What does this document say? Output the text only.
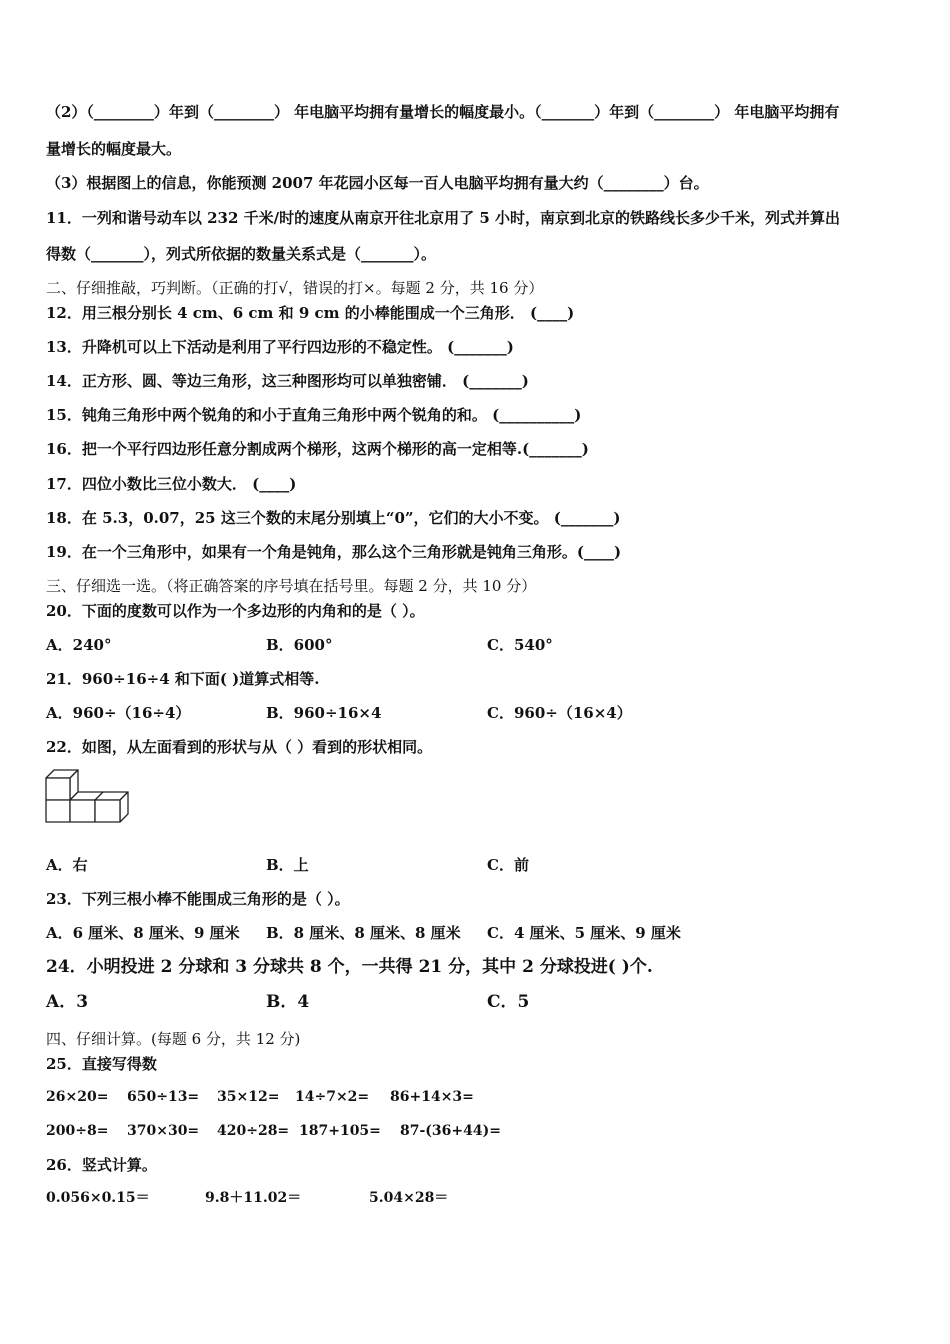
（2）（________）年到（________） 年电脑平均拥有量增长的幅度最小。（_______）年到（________） 年电脑平均拥有
量增长的幅度最大。
（3）根据图上的信息，你能预测 2007 年花园小区每一百人电脑平均拥有量大约（________）台。
11．一列和谐号动车以 232 千米/时的速度从南京开往北京用了 5 小时，南京到北京的铁路线长多少千米，列式并算出
得数（_______），列式所依据的数量关系式是（_______）。
二、仔细推敲，巧判断。（正确的打√，错误的打×。每题 2 分，共 16 分）
12．用三根分别长 4 cm、6 cm 和 9 cm 的小棒能围成一个三角形． (____)
13．升降机可以上下活动是利用了平行四边形的不稳定性。 (_______)
14．正方形、圆、等边三角形，这三种图形均可以单独密铺． (_______)
15．钝角三角形中两个锐角的和小于直角三角形中两个锐角的和。 (__________)
16．把一个平行四边形任意分割成两个梯形，这两个梯形的高一定相等.(_______)
17．四位小数比三位小数大． (____)
18．在 5.3，0.07，25 这三个数的末尾分别填上“0”，它们的大小不变。 (_______)
19．在一个三角形中，如果有一个角是钝角，那么这个三角形就是钝角三角形。(____)
三、仔细选一选。（将正确答案的序号填在括号里。每题 2 分，共 10 分）
20．下面的度数可以作为一个多边形的内角和的是（ ）。
A．240°	B．600°	C．540°
21．960÷16÷4 和下面( )道算式相等.
A．960÷（16÷4）	B．960÷16×4	C．960÷（16×4）
22．如图，从左面看到的形状与从（ ）看到的形状相同。
A．右	B．上	C．前
23．下列三根小棒不能围成三角形的是（ ）。
A．6 厘米、8 厘米、9 厘米 B．8 厘米、8 厘米、8 厘米 C．4 厘米、5 厘米、9 厘米
24．小明投进 2 分球和 3 分球共 8 个，一共得 21 分，其中 2 分球投进( )个.
A．3	B．4	C．5
四、仔细计算。(每题 6 分，共 12 分)
25．直接写得数
26×20= 650÷13= 35×12= 14÷7×2= 86+14×3=
200÷8= 370×30= 420÷28= 187+105= 87-(36+44)=
26．竖式计算。
0.056×0.15＝	9.8＋11.02＝	5.04×28＝
